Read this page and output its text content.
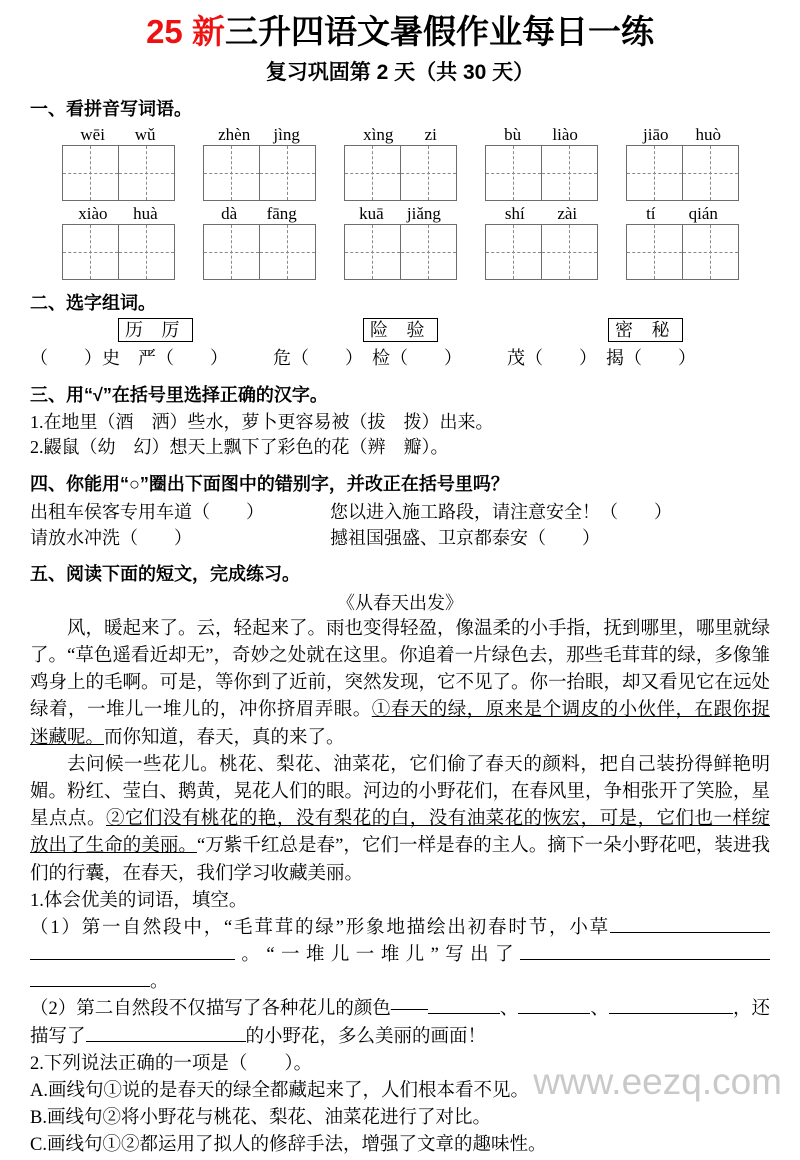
www.eezq.com
25 新三升四语文暑假作业每日一练
复习巩固第 2 天（共 30 天）
一、看拼音写词语。
wēi wǔ	zhèn jìng	xìng zi	bù liào	jiāo huò
xiào huà	dà fāng	kuā jiǎng	shí zài	tí qián
二、选字组词。
历 厉	险 验	密 秘
（　　）史　严（　　）　　　危（　　）　检（　　）　　　茂（　　）　揭（　　）
三、用“√”在括号里选择正确的汉字。
1.在地里（酒　洒）些水，萝卜更容易被（拔　拨）出来。
2.鼹鼠（幼　幻）想天上飘下了彩色的花（辨　瓣）。
四、你能用“○”圈出下面图中的错别字，并改正在括号里吗？
出租车侯客专用车道（　　）	您以进入施工路段，请注意安全！（　　）
请放水冲洗（　　）	撼祖国强盛、卫京都泰安（　　）
五、阅读下面的短文，完成练习。
《从春天出发》

风，暖起来了。云，轻起来了。雨也变得轻盈，像温柔的小手指，抚到哪里，哪里就绿了。“草色遥看近却无”，奇妙之处就在这里。你追着一片绿色去，那些毛茸茸的绿，多像雏鸡身上的毛啊。可是，等你到了近前，突然发现，它不见了。你一抬眼，却又看见它在远处绿着，一堆儿一堆儿的，冲你挤眉弄眼。①春天的绿，原来是个调皮的小伙伴，在跟你捉迷藏呢。而你知道，春天，真的来了。

去问候一些花儿。桃花、梨花、油菜花，它们偷了春天的颜料，把自己装扮得鲜艳明媚。粉红、莹白、鹅黄，晃花人们的眼。河边的小野花们，在春风里，争相张开了笑脸，星星点点。②它们没有桃花的艳，没有梨花的白，没有油菜花的恢宏，可是，它们也一样绽放出了生命的美丽。“万紫千红总是春”，它们一样是春的主人。摘下一朵小野花吧，装进我们的行囊，在春天，我们学习收藏美丽。

1.体会优美的词语，填空。
（1）第一自然段中，“毛茸茸的绿”形象地描绘出初春时节，小草。“一堆儿一堆儿”写出了。
（2）第二自然段不仅描写了各种花儿的颜色——	、	、	，还描写了	的小野花，多么美丽的画面！
2.下列说法正确的一项是（　　）。
A.画线句①说的是春天的绿全都藏起来了，人们根本看不见。
B.画线句②将小野花与桃花、梨花、油菜花进行了对比。
C.画线句①②都运用了拟人的修辞手法，增强了文章的趣味性。
